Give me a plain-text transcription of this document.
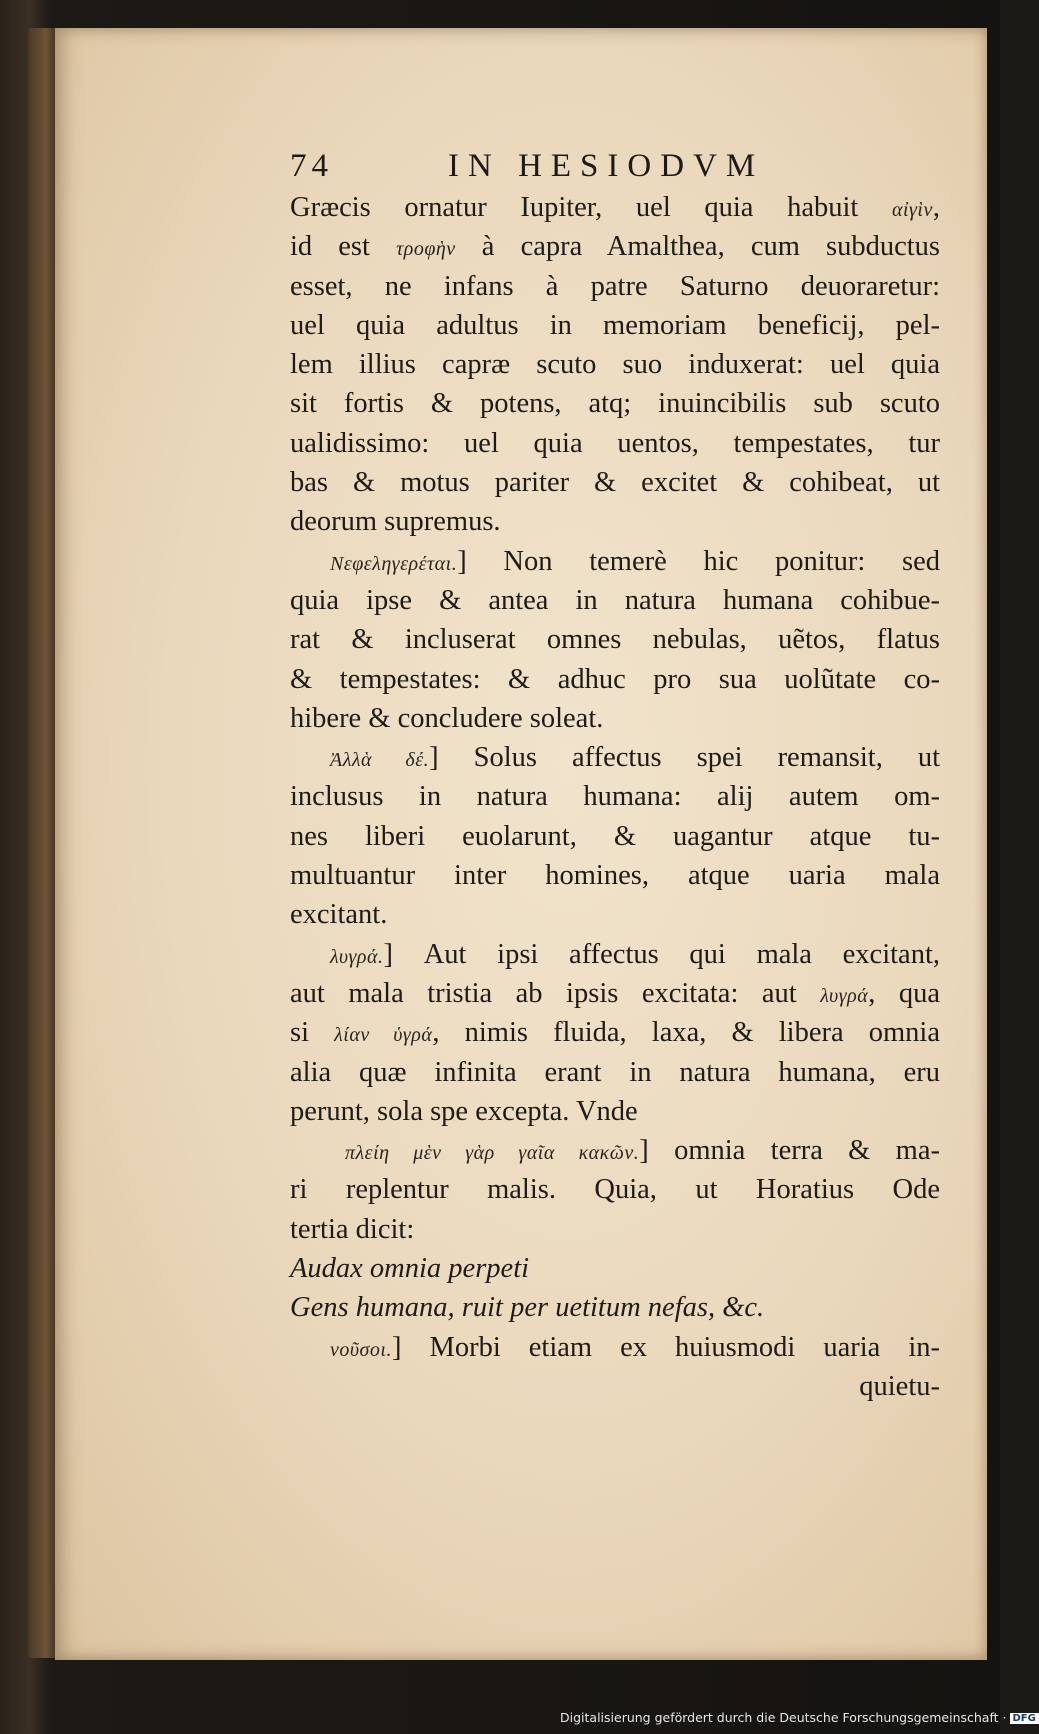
74	IN HESIODVM
Græcis ornatur Iupiter, uel quia habuit αἰγὶν,
id est τροφὴν à capra Amalthea, cum subductus
esset, ne infans à patre Saturno deuoraretur:
uel quia adultus in memoriam beneficij, pel-
lem illius capræ scuto suo induxerat: uel quia
sit fortis & potens, atq; inuincibilis sub scuto
ualidissimo: uel quia uentos, tempestates, tur
bas & motus pariter & excitet & cohibeat, ut
deorum supremus.
Νεφεληγερέται.] Non temerè hic ponitur: sed
quia ipse & antea in natura humana cohibue-
rat & incluserat omnes nebulas, uẽtos, flatus
& tempestates: & adhuc pro sua uolũtate co-
hibere & concludere soleat.
Ἀλλὰ δέ.] Solus affectus spei remansit, ut
inclusus in natura humana: alij autem om-
nes liberi euolarunt, & uagantur atque tu-
multuantur inter homines, atque uaria mala
excitant.
λυγρά.] Aut ipsi affectus qui mala excitant,
aut mala tristia ab ipsis excitata: aut λυγρά, qua
si λίαν ὑγρά, nimis fluida, laxa, & libera omnia
alia quæ infinita erant in natura humana, eru
perunt, sola spe excepta. Vnde
πλείη μὲν γὰρ γαῖα κακῶν.] omnia terra & ma-
ri replentur malis. Quia, ut Horatius Ode
tertia dicit:
Audax omnia perpeti
Gens humana, ruit per uetitum nefas, &c.
νοῦσοι.] Morbi etiam ex huiusmodi uaria in-
quietu-
Digitalisierung gefördert durch die Deutsche Forschungsgemeinschaft · DFG
